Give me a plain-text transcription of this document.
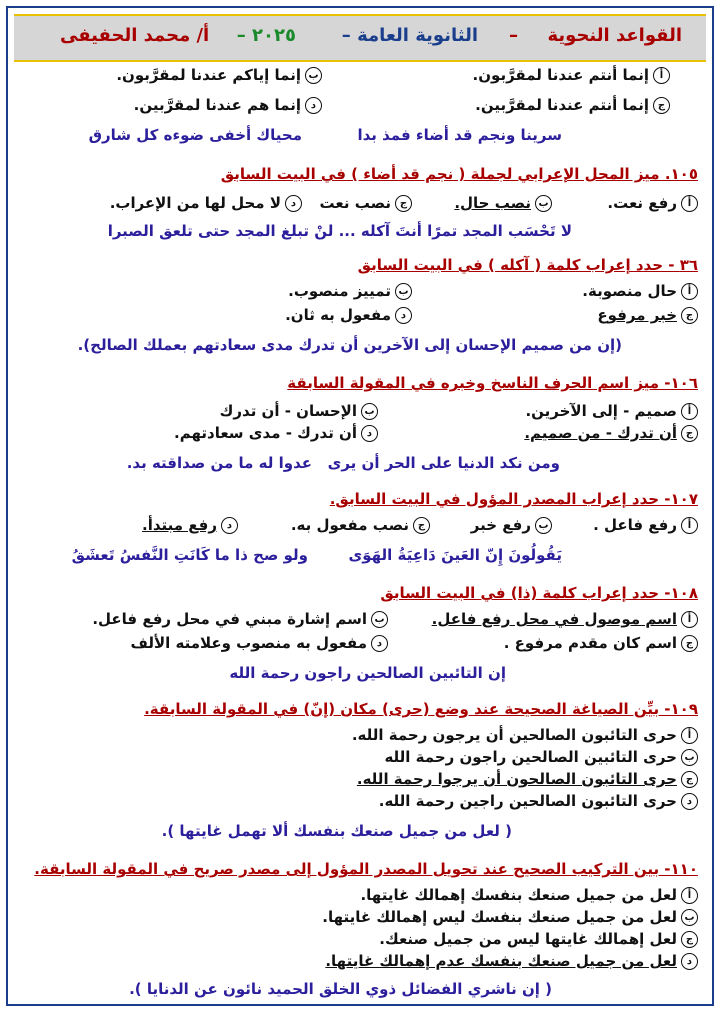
القواعد النحوية
–
الثانوية العامة –
– ٢٠٢٥
أ/ محمد الحفيفى
أإنما أنتم عندنا لمقرَّبون.
بإنما إياكم عندنا لمقرَّبون.
جإنما أنتم عندنا لمقرَّبين.
دإنما هم عندنا لمقرَّبين.
سرينا ونجم قد أضاء فمذ بدا
محياك أخفى ضوءه كل شارق
١٠٥. ميز المحل الإعرابي لجملة ( نجم قد أضاء ) في البيت السابق
أرفع نعت.
بنصب حال.
جنصب نعت
دلا محل لها من الإعراب.
لا تَحْسَب المجد تمرًا أنتَ آكله ... لنْ تبلغ المجد حتى تلعق الصبرا
٣٦ - حدد إعراب كلمة ( آكله ) في البيت السابق
أحال منصوبة.
بتمييز منصوب.
جخبر مرفوع
دمفعول به ثان.
(إن من صميم الإحسان إلى الآخرين أن تدرك مدى سعادتهم بعملك الصالح).
١٠٦- ميز اسم الحرف الناسخ وخبره في المقولة السابقة
أصميم - إلى الآخرين.
بالإحسان - أن تدرك
جأن تدرك - من صميم.
دأن تدرك - مدى سعادتهم.
ومن نكد الدنيا على الحر أن يرى
عدوا له ما من صداقته بد.
١٠٧- حدد إعراب المصدر المؤول في البيت السابق.
أرفع فاعل .
برفع خبر
جنصب مفعول به.
درفع مبتدأ.
يَقُولُونَ إِنّ العَينَ دَاعِيَةُ الهَوَى
ولو صح ذا ما كَانَتِ النَّفسُ تَعشَقُ
١٠٨- حدد إعراب كلمة (ذا) في البيت السابق
أاسم موصول في محل رفع فاعل.
باسم إشارة مبني في محل رفع فاعل.
جاسم كان مقدم مرفوع .
دمفعول به منصوب وعلامته الألف
إن التائبين الصالحين راجون رحمة الله
١٠٩- بيِّن الصياغة الصحيحة عند وضع (حرى) مكان (إنّ) في المقولة السابقة.
أحرى التائبون الصالحين أن يرجون رحمة الله.
بحرى التائبين الصالحين راجون رحمة الله
جحرى التائبون الصالحون أن يرجوا رحمة الله.
دحرى التائبون الصالحين راجين رحمة الله.
( لعل من جميل صنعك بنفسك ألا تهمل غايتها ).
١١٠- بين التركيب الصحيح عند تحويل المصدر المؤول إلى مصدر صريح في المقولة السابقة.
ألعل من جميل صنعك بنفسك إهمالك غايتها.
بلعل من جميل صنعك بنفسك ليس إهمالك غايتها.
جلعل إهمالك غايتها ليس من جميل صنعك.
دلعل من جميل صنعك بنفسك عدم إهمالك غايتها.
( إن ناشري الفضائل ذوي الخلق الحميد نائون عن الدنايا ).
